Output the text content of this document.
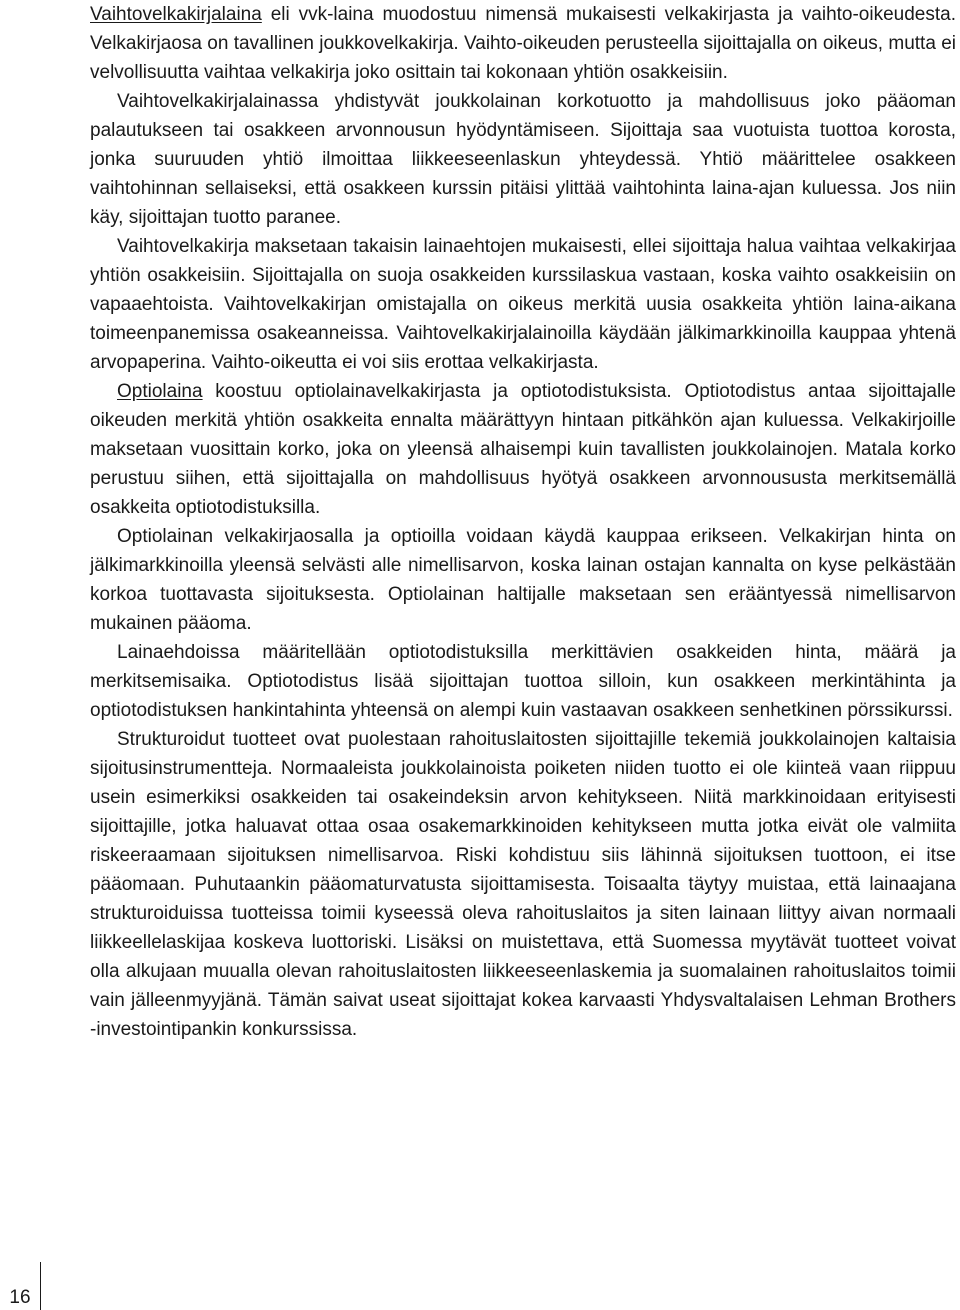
Vaihtovelkakirjalaina eli vvk-laina muodostuu nimensä mukaisesti velkakirjasta ja vaihto-oikeudesta. Velkakirjaosa on tavallinen joukkovelkakirja. Vaihto-oikeuden perusteella sijoittajalla on oikeus, mutta ei velvollisuutta vaihtaa velkakirja joko osittain tai kokonaan yhtiön osakkeisiin.

Vaihtovelkakirjalainassa yhdistyvät joukkolainan korkotuotto ja mahdollisuus joko pääoman palautukseen tai osakkeen arvonnousun hyödyntämiseen. Sijoittaja saa vuotuista tuottoa korosta, jonka suuruuden yhtiö ilmoittaa liikkeeseenlaskun yhteydessä. Yhtiö määrittelee osakkeen vaihtohinnan sellaiseksi, että osakkeen kurssin pitäisi ylittää vaihtohinta laina-ajan kuluessa. Jos niin käy, sijoittajan tuotto paranee.

Vaihtovelkakirja maksetaan takaisin lainaehtojen mukaisesti, ellei sijoittaja halua vaihtaa velkakirjaa yhtiön osakkeisiin. Sijoittajalla on suoja osakkeiden kurssilaskua vastaan, koska vaihto osakkeisiin on vapaaehtoista. Vaihtovelkakirjan omistajalla on oikeus merkitä uusia osakkeita yhtiön laina-aikana toimeenpanemissa osakeanneissa. Vaihtovelkakirjalainoilla käydään jälkimarkkinoilla kauppaa yhtenä arvopaperina. Vaihto-oikeutta ei voi siis erottaa velkakirjasta.

Optiolaina koostuu optiolainavelkakirjasta ja optiotodistuksista. Optiotodistus antaa sijoittajalle oikeuden merkitä yhtiön osakkeita ennalta määrättyyn hintaan pitkähkön ajan kuluessa. Velkakirjoille maksetaan vuosittain korko, joka on yleensä alhaisempi kuin tavallisten joukkolainojen. Matala korko perustuu siihen, että sijoittajalla on mahdollisuus hyötyä osakkeen arvonnoususta merkitsemällä osakkeita optiotodistuksilla.

Optiolainan velkakirjaosalla ja optioilla voidaan käydä kauppaa erikseen. Velkakirjan hinta on jälkimarkkinoilla yleensä selvästi alle nimellisarvon, koska lainan ostajan kannalta on kyse pelkästään korkoa tuottavasta sijoituksesta. Optiolainan haltijalle maksetaan sen erääntyessä nimellisarvon mukainen pääoma.

Lainaehdoissa määritellään optiotodistuksilla merkittävien osakkeiden hinta, määrä ja merkitsemisaika. Optiotodistus lisää sijoittajan tuottoa silloin, kun osakkeen merkintähinta ja optiotodistuksen hankintahinta yhteensä on alempi kuin vastaavan osakkeen senhetkinen pörssikurssi.

Strukturoidut tuotteet ovat puolestaan rahoituslaitosten sijoittajille tekemiä joukkolainojen kaltaisia sijoitusinstrumentteja. Normaaleista joukkolainoista poiketen niiden tuotto ei ole kiinteä vaan riippuu usein esimerkiksi osakkeiden tai osakeindeksin arvon kehitykseen. Niitä markkinoidaan erityisesti sijoittajille, jotka haluavat ottaa osaa osakemarkkinoiden kehitykseen mutta jotka eivät ole valmiita riskeeraamaan sijoituksen nimellisarvoa. Riski kohdistuu siis lähinnä sijoituksen tuottoon, ei itse pääomaan. Puhutaankin pääomaturvatusta sijoittamisesta. Toisaalta täytyy muistaa, että lainaajana strukturoiduissa tuotteissa toimii kyseessä oleva rahoituslaitos ja siten lainaan liittyy aivan normaali liikkeellelaskijaa koskeva luottoriski. Lisäksi on muistettava, että Suomessa myytävät tuotteet voivat olla alkujaan muualla olevan rahoituslaitosten liikkeeseenlaskemia ja suomalainen rahoituslaitos toimii vain jälleenmyyjänä. Tämän saivat useat sijoittajat kokea karvaasti Yhdysvaltalaisen Lehman Brothers -investointipankin konkurssissa.

16
